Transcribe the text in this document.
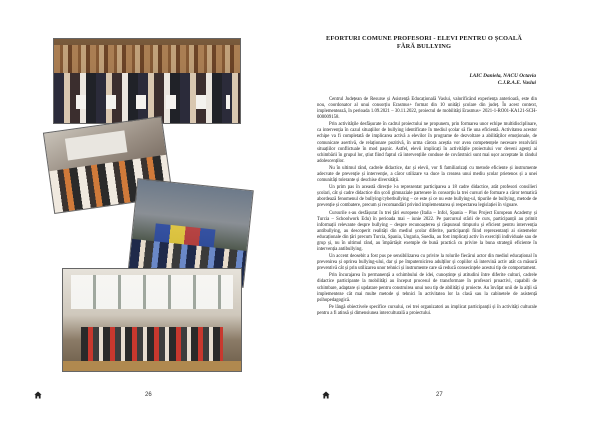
26
EFORTURI COMUNE PROFESORI - ELEVI PENTRU O ȘCOALĂ
FĂRĂ BULLYING
LAIC Daniela, NACU Octavia
C.J.R.A.E. Vaslui

Centrul Județean de Resurse și Asistență Educațională Vaslui, valorificând experiența anterioară, este din nou, coordonator al unui consorțiu Erasmus+ format din 10 unități școlare din județ. În acest context, implementează, în perioada 1.09.2021 – 30.11.2022, proiectul de mobilități Erasmus+ 2021-1-RO01-KA121-SCH-000009158.

Prin activitățile desfășurate în cadrul proiectului ne propunem, prin formarea unor echipe multidisciplinare, ca intervenția în cazul situațiilor de bullying identificate în mediul școlar să fie una eficientă. Activitatea acestor echipe va fi completată de implicarea activă a elevilor în programe de dezvoltare a abilităților emoționale, de comunicare asertivă, de relaționare pozitivă, în urma cărora aceștia vor avea competențele necesare rezolvării situațiilor conflictuale în mod pașnic. Astfel, elevii implicați în activitățile proiectului vor deveni agenți ai schimbării în grupul lor, știut fiind faptul că intervențiile conduse de covârstnici sunt mai ușor acceptate în rândul adolescenților.

Nu în ultimul rând, cadrele didactice, dar și elevii, vor fi familiarizați cu metode eficiente și instrumente adecvate de prevenție și intervenție, a căror utilizare va duce la crearea unui mediu școlar prietenos și a unei comunități tolerante și deschise diversității.

Un prim pas în această direcție l-a reprezentat participarea a 18 cadre didactice, atât profesori consilieri școlari, cât și cadre didactice din școli gimnaziale partenere în consorțiu la trei cursuri de formare a căror tematică abordează fenomenul de bullying/cyberbullying – ce este și ce nu este bullying-ul, tipurile de bullying, metode de prevenție și combatere, precum și recomandări privind implementarea și respectarea legislației în vigoare.

Cursurile s-au desfășurat în trei țări europene (Italia – Infol, Spania – Plus Project European Academy și Turcia – Schoolwork Edu) în perioada mai – iunie 2022. Pe parcursul stării de curs, participanții au primit informații relevante despre bullying – despre recunoașterea și răspunsul timpuriu și eficient pentru intervenția antibullying, au descoperit realități din mediul școlar diferite, participanții fiind reprezentanți ai sistemelor educaționale din țări precum Turcia, Spania, Ungaria, Suedia, au fost implicați activ în exerciții individuale sau de grup și, nu în ultimul rând, au împărtășit exemple de bună practică cu privire la buna strategii eficiente în intervenția antibullying.

Un accent deosebit a fost pus pe sensibilizarea cu privire la rolurile fiecărui actor din mediul educațional în prevenirea și oprirea bullying-ului, dar și pe împuternicirea adulților și copiilor să intervină activ atât ca măsură preventivă cât și prin utilizarea unor tehnici și instrumente care să reducă consecințele acestui tip de comportament.

Prin încurajarea în permanență a schimbului de idei, cunoștințe și atitudini între diferite culturi, cadrele didactice participante la mobilități au început procesul de transformare în profesori proactivi, capabili de schimbare, adaptare și updatare pentru construirea unui nou tip de abilități și proiecte. Au învățat unii de la alții să implementeze cât mai multe metode și tehnici în activitatea lor la clasă sau la cabinetele de asistență psihopedagogică.

Pe lângă obiectivele specifice cursului, cei trei organizatori au implicat participanții și în activități culturale pentru a fi atinsă și dimensiunea interculturală a proiectului.

27
